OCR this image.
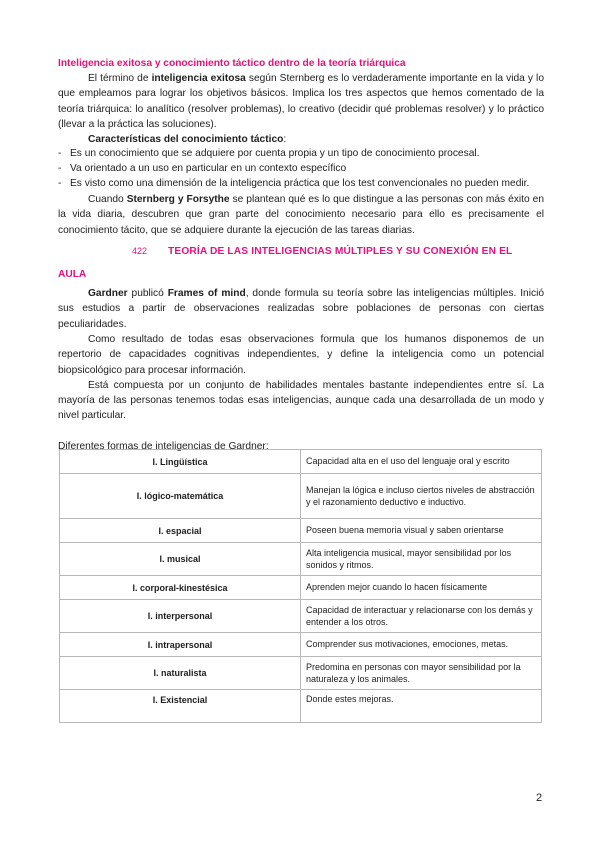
Inteligencia exitosa y conocimiento táctico dentro de la teoría triárquica

El término de inteligencia exitosa según Sternberg es lo verdaderamente importante en la vida y lo que empleamos para lograr los objetivos básicos. Implica los tres aspectos que hemos comentado de la teoría triárquica: lo analítico (resolver problemas), lo creativo (decidir qué problemas resolver) y lo práctico (llevar a la práctica las soluciones).

Características del conocimiento táctico:
- Es un conocimiento que se adquiere por cuenta propia y un tipo de conocimiento procesal.
- Va orientado a un uso en particular en un contexto específico
- Es visto como una dimensión de la inteligencia práctica que los test convencionales no pueden medir.

Cuando Sternberg y Forsythe se plantean qué es lo que distingue a las personas con más éxito en la vida diaria, descubren que gran parte del conocimiento necesario para ello es precisamente el conocimiento tácito, que se adquiere durante la ejecución de las tareas diarias.

422	TEORÍA DE LAS INTELIGENCIAS MÚLTIPLES Y SU CONEXIÓN EN EL
AULA

Gardner publicó Frames of mind, donde formula su teoría sobre las inteligencias múltiples. Inició sus estudios a partir de observaciones realizadas sobre poblaciones de personas con ciertas peculiaridades.

Como resultado de todas esas observaciones formula que los humanos disponemos de un repertorio de capacidades cognitivas independientes, y define la inteligencia como un potencial biopsicológico para procesar información.

Está compuesta por un conjunto de habilidades mentales bastante independientes entre sí. La mayoría de las personas tenemos todas esas inteligencias, aunque cada una desarrollada de un modo y nivel particular.

Diferentes formas de inteligencias de Gardner:
I. Lingüística	Capacidad alta en el uso del lenguaje oral y escrito
I. lógico-matemática	Manejan la lógica e incluso ciertos niveles de abstracción y el razonamiento deductivo e inductivo.
I. espacial	Poseen buena memoria visual y saben orientarse
I. musical	Alta inteligencia musical, mayor sensibilidad por los sonidos y ritmos.
I. corporal-kinestésica	Aprenden mejor cuando lo hacen físicamente
I. interpersonal	Capacidad de interactuar y relacionarse con los demás y entender a los otros.
I. intrapersonal	Comprender sus motivaciones, emociones, metas.
I. naturalista	Predomina en personas con mayor sensibilidad por la naturaleza y los animales.
I. Existencial	Donde estes mejoras.
2
